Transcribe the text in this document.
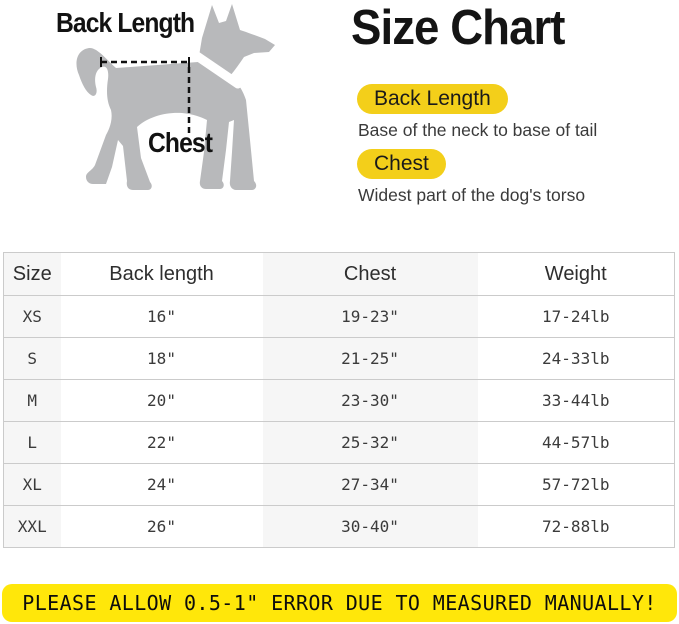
Back Length
Chest
Size Chart
Back Length
Base of the neck to base of tail
Chest
Widest part of the dog's torso
Size	Back length	Chest	Weight
XS	16"	19-23"	17-24lb
S	18"	21-25"	24-33lb
M	20"	23-30"	33-44lb
L	22"	25-32"	44-57lb
XL	24"	27-34"	57-72lb
XXL	26"	30-40"	72-88lb
PLEASE ALLOW 0.5-1" ERROR DUE TO MEASURED MANUALLY!
